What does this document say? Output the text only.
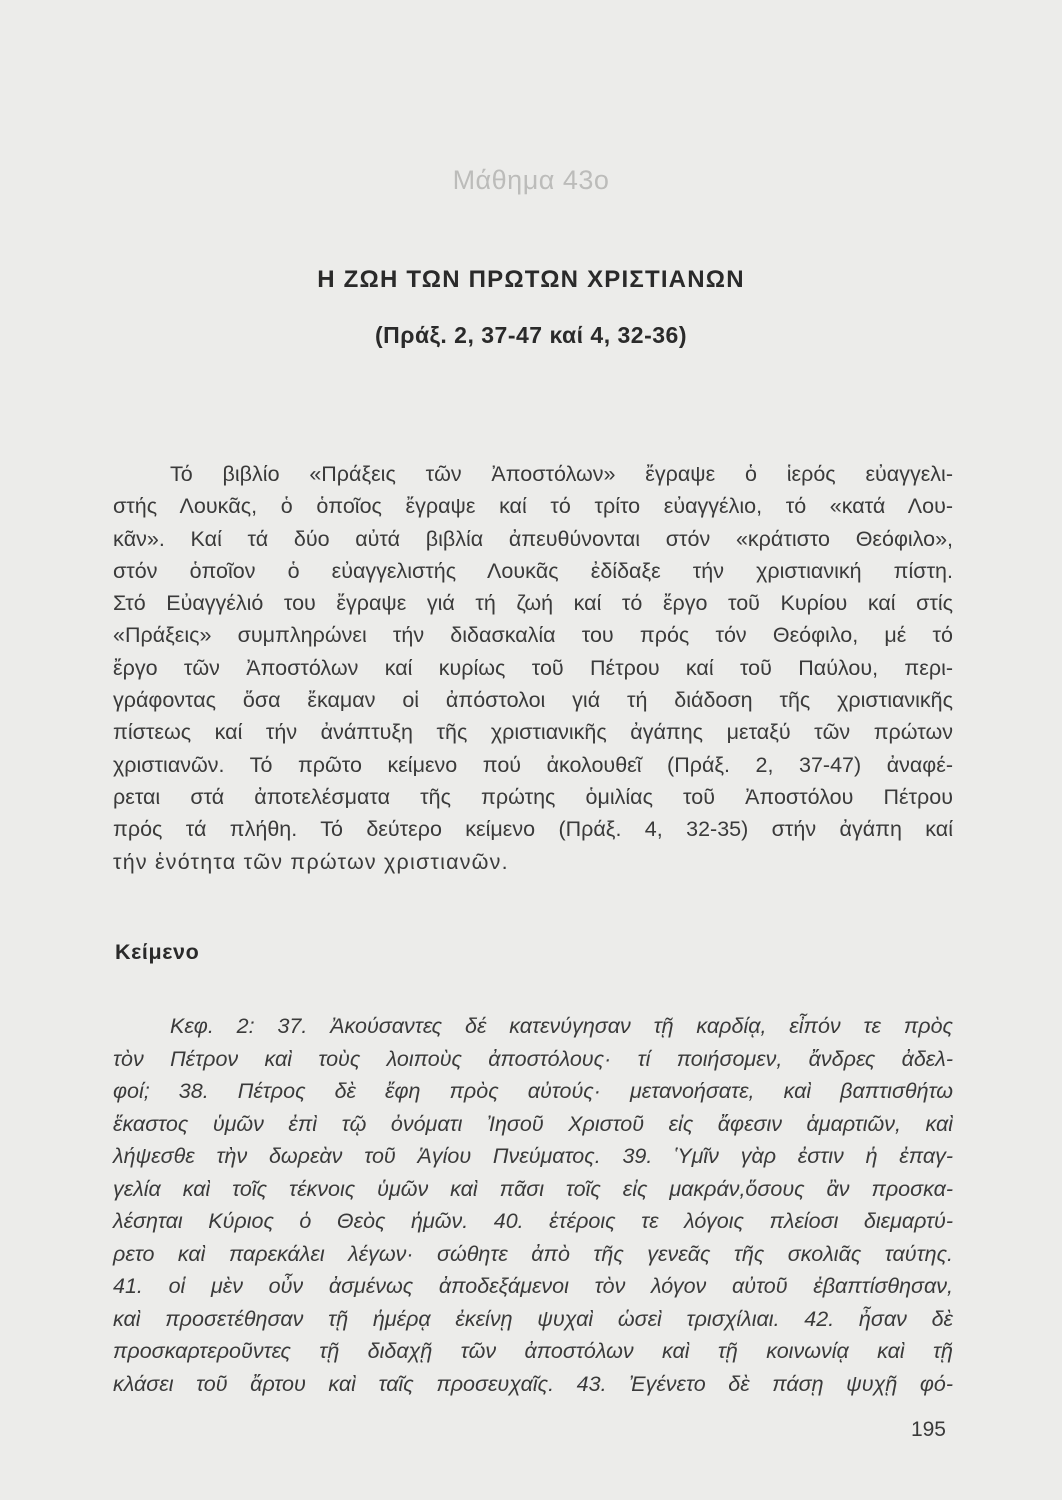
Μάθημα 43ο
Η ΖΩΗ ΤΩΝ ΠΡΩΤΩΝ ΧΡΙΣΤΙΑΝΩΝ
(Πράξ. 2, 37-47 καί 4, 32-36)
Τό βιβλίο «Πράξεις τῶν Ἀποστόλων» ἔγραψε ὁ ἱερός εὐαγγελι-
στής Λουκᾶς, ὁ ὁποῖος ἔγραψε καί τό τρίτο εὐαγγέλιο, τό «κατά Λου-
κᾶν». Καί τά δύο αὐτά βιβλία ἀπευθύνονται στόν «κράτιστο Θεόφιλο»,
στόν ὁποῖον ὁ εὐαγγελιστής Λουκᾶς ἐδίδαξε τήν χριστιανική πίστη.
Στό Εὐαγγέλιό του ἔγραψε γιά τή ζωή καί τό ἔργο τοῦ Κυρίου καί στίς
«Πράξεις» συμπληρώνει τήν διδασκαλία του πρός τόν Θεόφιλο, μέ τό
ἔργο τῶν Ἀποστόλων καί κυρίως τοῦ Πέτρου καί τοῦ Παύλου, περι-
γράφοντας ὅσα ἔκαμαν οἱ ἀπόστολοι γιά τή διάδοση τῆς χριστιανικῆς
πίστεως καί τήν ἀνάπτυξη τῆς χριστιανικῆς ἀγάπης μεταξύ τῶν πρώτων
χριστιανῶν. Τό πρῶτο κείμενο πού ἀκολουθεῖ (Πράξ. 2, 37-47) ἀναφέ-
ρεται στά ἀποτελέσματα τῆς πρώτης ὁμιλίας τοῦ Ἀποστόλου Πέτρου
πρός τά πλήθη. Τό δεύτερο κείμενο (Πράξ. 4, 32-35) στήν ἀγάπη καί
τήν ἑνότητα τῶν πρώτων χριστιανῶν.
Κείμενο
Κεφ. 2: 37. Ἀκούσαντες δέ κατενύγησαν τῇ καρδίᾳ, εἶπόν τε πρὸς
τὸν Πέτρον καὶ τοὺς λοιποὺς ἀποστόλους· τί ποιήσομεν, ἄνδρες ἀδελ-
φοί; 38. Πέτρος δὲ ἔφη πρὸς αὐτούς· μετανοήσατε, καὶ βαπτισθήτω
ἕκαστος ὑμῶν ἐπὶ τῷ ὀνόματι Ἰησοῦ Χριστοῦ εἰς ἄφεσιν ἁμαρτιῶν, καὶ
λήψεσθε τὴν δωρεὰν τοῦ Ἁγίου Πνεύματος. 39. Ὑμῖν γὰρ ἐστιν ἡ ἐπαγ-
γελία καὶ τοῖς τέκνοις ὑμῶν καὶ πᾶσι τοῖς εἰς μακράν,ὅσους ἂν προσκα-
λέσηται Κύριος ὁ Θεὸς ἡμῶν. 40. ἑτέροις τε λόγοις πλείοσι διεμαρτύ-
ρετο καὶ παρεκάλει λέγων· σώθητε ἀπὸ τῆς γενεᾶς τῆς σκολιᾶς ταύτης.
41. οἱ μὲν οὖν ἀσμένως ἀποδεξάμενοι τὸν λόγον αὐτοῦ ἐβαπτίσθησαν,
καὶ προσετέθησαν τῇ ἡμέρᾳ ἐκείνῃ ψυχαὶ ὡσεὶ τρισχίλιαι. 42. ἦσαν δὲ
προσκαρτεροῦντες τῇ διδαχῇ τῶν ἀποστόλων καὶ τῇ κοινωνίᾳ καὶ τῇ
κλάσει τοῦ ἄρτου καὶ ταῖς προσευχαῖς. 43. Ἐγένετο δὲ πάσῃ ψυχῇ φό-
195
